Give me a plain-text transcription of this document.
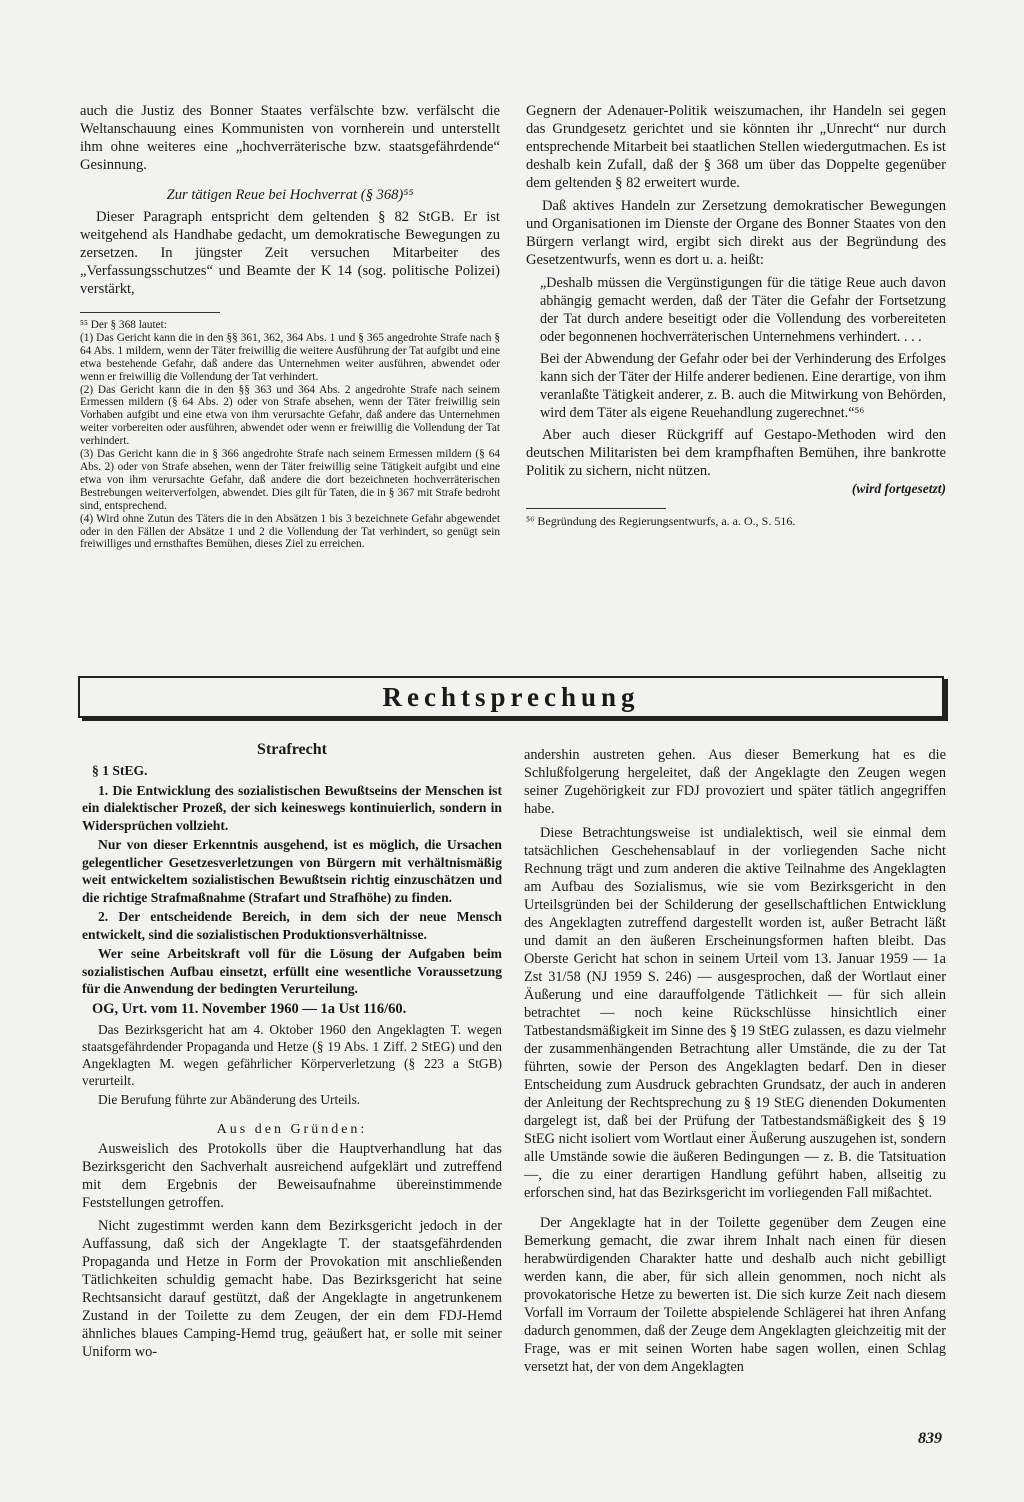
auch die Justiz des Bonner Staates verfälschte bzw. verfälscht die Weltanschauung eines Kommunisten von vornherein und unterstellt ihm ohne weiteres eine „hochverräterische bzw. staatsgefährdende“ Gesinnung.

Zur tätigen Reue bei Hochverrat (§ 368)⁵⁵

Dieser Paragraph entspricht dem geltenden § 82 StGB. Er ist weitgehend als Handhabe gedacht, um demokratische Bewegungen zu zersetzen. In jüngster Zeit versuchen Mitarbeiter des „Verfassungsschutzes“ und Beamte der K 14 (sog. politische Polizei) verstärkt,

⁵⁵ Der § 368 lautet:

(1) Das Gericht kann die in den §§ 361, 362, 364 Abs. 1 und § 365 angedrohte Strafe nach § 64 Abs. 1 mildern, wenn der Täter freiwillig die weitere Ausführung der Tat aufgibt und eine etwa bestehende Gefahr, daß andere das Unternehmen weiter ausführen, abwendet oder wenn er freiwillig die Vollendung der Tat verhindert.

(2) Das Gericht kann die in den §§ 363 und 364 Abs. 2 angedrohte Strafe nach seinem Ermessen mildern (§ 64 Abs. 2) oder von Strafe absehen, wenn der Täter freiwillig sein Vorhaben aufgibt und eine etwa von ihm verursachte Gefahr, daß andere das Unternehmen weiter vorbereiten oder ausführen, abwendet oder wenn er freiwillig die Vollendung der Tat verhindert.

(3) Das Gericht kann die in § 366 angedrohte Strafe nach seinem Ermessen mildern (§ 64 Abs. 2) oder von Strafe absehen, wenn der Täter freiwillig seine Tätigkeit aufgibt und eine etwa von ihm verursachte Gefahr, daß andere die dort bezeichneten hochverräterischen Bestrebungen weiterverfolgen, abwendet. Dies gilt für Taten, die in § 367 mit Strafe bedroht sind, entsprechend.

(4) Wird ohne Zutun des Täters die in den Absätzen 1 bis 3 bezeichnete Gefahr abgewendet oder in den Fällen der Absätze 1 und 2 die Vollendung der Tat verhindert, so genügt sein freiwilliges und ernsthaftes Bemühen, dieses Ziel zu erreichen.

Gegnern der Adenauer-Politik weiszumachen, ihr Handeln sei gegen das Grundgesetz gerichtet und sie könnten ihr „Unrecht“ nur durch entsprechende Mitarbeit bei staatlichen Stellen wiedergutmachen. Es ist deshalb kein Zufall, daß der § 368 um über das Doppelte gegenüber dem geltenden § 82 erweitert wurde.

Daß aktives Handeln zur Zersetzung demokratischer Bewegungen und Organisationen im Dienste der Organe des Bonner Staates von den Bürgern verlangt wird, ergibt sich direkt aus der Begründung des Gesetzentwurfs, wenn es dort u. a. heißt:

„Deshalb müssen die Vergünstigungen für die tätige Reue auch davon abhängig gemacht werden, daß der Täter die Gefahr der Fortsetzung der Tat durch andere beseitigt oder die Vollendung des vorbereiteten oder begonnenen hochverräterischen Unternehmens verhindert. . . .

Bei der Abwendung der Gefahr oder bei der Verhinderung des Erfolges kann sich der Täter der Hilfe anderer bedienen. Eine derartige, von ihm veranlaßte Tätigkeit anderer, z. B. auch die Mitwirkung von Behörden, wird dem Täter als eigene Reuehandlung zugerechnet.“⁵⁶

Aber auch dieser Rückgriff auf Gestapo-Methoden wird den deutschen Militaristen bei dem krampfhaften Bemühen, ihre bankrotte Politik zu sichern, nicht nützen.

(wird fortgesetzt)

⁵⁶ Begründung des Regierungsentwurfs, a. a. O., S. 516.

Rechtsprechung

Strafrecht

§ 1 StEG.

1. Die Entwicklung des sozialistischen Bewußtseins der Menschen ist ein dialektischer Prozeß, der sich keineswegs kontinuierlich, sondern in Widersprüchen vollzieht.

Nur von dieser Erkenntnis ausgehend, ist es möglich, die Ursachen gelegentlicher Gesetzesverletzungen von Bürgern mit verhältnismäßig weit entwickeltem sozialistischen Bewußtsein richtig einzuschätzen und die richtige Strafmaßnahme (Strafart und Strafhöhe) zu finden.

2. Der entscheidende Bereich, in dem sich der neue Mensch entwickelt, sind die sozialistischen Produktionsverhältnisse.

Wer seine Arbeitskraft voll für die Lösung der Aufgaben beim sozialistischen Aufbau einsetzt, erfüllt eine wesentliche Voraussetzung für die Anwendung der bedingten Verurteilung.

OG, Urt. vom 11. November 1960 — 1a Ust 116/60.

Das Bezirksgericht hat am 4. Oktober 1960 den Angeklagten T. wegen staatsgefährdender Propaganda und Hetze (§ 19 Abs. 1 Ziff. 2 StEG) und den Angeklagten M. wegen gefährlicher Körperverletzung (§ 223 a StGB) verurteilt.

Die Berufung führte zur Abänderung des Urteils.

Aus den Gründen:

Ausweislich des Protokolls über die Hauptverhandlung hat das Bezirksgericht den Sachverhalt ausreichend aufgeklärt und zutreffend mit dem Ergebnis der Beweisaufnahme übereinstimmende Feststellungen getroffen.

Nicht zugestimmt werden kann dem Bezirksgericht jedoch in der Auffassung, daß sich der Angeklagte T. der staatsgefährdenden Propaganda und Hetze in Form der Provokation mit anschließenden Tätlichkeiten schuldig gemacht habe. Das Bezirksgericht hat seine Rechtsansicht darauf gestützt, daß der Angeklagte in angetrunkenem Zustand in der Toilette zu dem Zeugen, der ein dem FDJ-Hemd ähnliches blaues Camping-Hemd trug, geäußert hat, er solle mit seiner Uniform wo-

andershin austreten gehen. Aus dieser Bemerkung hat es die Schlußfolgerung hergeleitet, daß der Angeklagte den Zeugen wegen seiner Zugehörigkeit zur FDJ provoziert und später tätlich angegriffen habe.

Diese Betrachtungsweise ist undialektisch, weil sie einmal dem tatsächlichen Geschehensablauf in der vorliegenden Sache nicht Rechnung trägt und zum anderen die aktive Teilnahme des Angeklagten am Aufbau des Sozialismus, wie sie vom Bezirksgericht in den Urteilsgründen bei der Schilderung der gesellschaftlichen Entwicklung des Angeklagten zutreffend dargestellt worden ist, außer Betracht läßt und damit an den äußeren Erscheinungsformen haften bleibt. Das Oberste Gericht hat schon in seinem Urteil vom 13. Januar 1959 — 1a Zst 31/58 (NJ 1959 S. 246) — ausgesprochen, daß der Wortlaut einer Äußerung und eine darauffolgende Tätlichkeit — für sich allein betrachtet — noch keine Rückschlüsse hinsichtlich einer Tatbestandsmäßigkeit im Sinne des § 19 StEG zulassen, es dazu vielmehr der zusammenhängenden Betrachtung aller Umstände, die zu der Tat führten, sowie der Person des Angeklagten bedarf. Den in dieser Entscheidung zum Ausdruck gebrachten Grundsatz, der auch in anderen der Anleitung der Rechtsprechung zu § 19 StEG dienenden Dokumenten dargelegt ist, daß bei der Prüfung der Tatbestandsmäßigkeit des § 19 StEG nicht isoliert vom Wortlaut einer Äußerung auszugehen ist, sondern alle Umstände sowie die äußeren Bedingungen — z. B. die Tatsituation —, die zu einer derartigen Handlung geführt haben, allseitig zu erforschen sind, hat das Bezirksgericht im vorliegenden Fall mißachtet.

Der Angeklagte hat in der Toilette gegenüber dem Zeugen eine Bemerkung gemacht, die zwar ihrem Inhalt nach einen für diesen herabwürdigenden Charakter hatte und deshalb auch nicht gebilligt werden kann, die aber, für sich allein genommen, noch nicht als provokatorische Hetze zu bewerten ist. Die sich kurze Zeit nach diesem Vorfall im Vorraum der Toilette abspielende Schlägerei hat ihren Anfang dadurch genommen, daß der Zeuge dem Angeklagten gleichzeitig mit der Frage, was er mit seinen Worten habe sagen wollen, einen Schlag versetzt hat, der von dem Angeklagten

839
